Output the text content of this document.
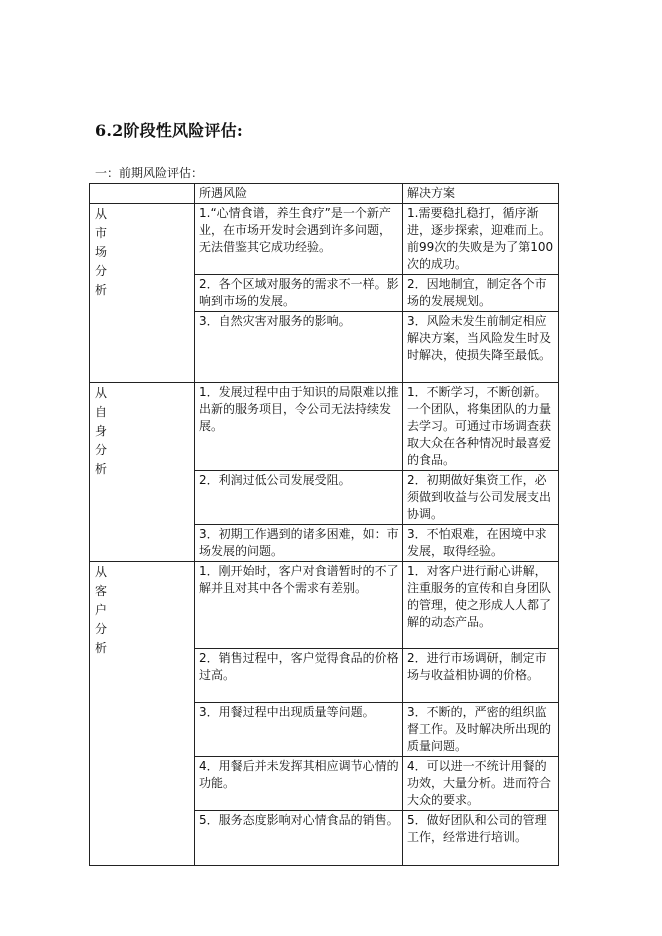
6.2阶段性风险评估:
一：前期风险评估：
	所遇风险	解决方案
从市场分析	1.“心情食谱，养生食疗”是一个新产业，在市场开发时会遇到许多问题，无法借鉴其它成功经验。	1.需要稳扎稳打，循序渐进，逐步探索，迎难而上。前99次的失败是为了第100次的成功。
	2．各个区域对服务的需求不一样。影响到市场的发展。	2．因地制宜，制定各个市场的发展规划。
	3．自然灾害对服务的影响。	3．风险未发生前制定相应解决方案，当风险发生时及时解决，使损失降至最低。
从自身分析	1．发展过程中由于知识的局限难以推出新的服务项目，令公司无法持续发展。	1．不断学习，不断创新。一个团队，将集团队的力量去学习。可通过市场调查获取大众在各种情况时最喜爱的食品。
	2．利润过低公司发展受阻。	2．初期做好集资工作，必须做到收益与公司发展支出协调。
	3．初期工作遇到的诸多困难，如：市场发展的问题。	3．不怕艰难，在困境中求发展，取得经验。
从客户分析	1．刚开始时，客户对食谱暂时的不了解并且对其中各个需求有差别。	1．对客户进行耐心讲解，注重服务的宣传和自身团队的管理，使之形成人人都了解的动态产品。
	2．销售过程中，客户觉得食品的价格过高。	2．进行市场调研，制定市场与收益相协调的价格。
	3．用餐过程中出现质量等问题。	3．不断的，严密的组织监督工作。及时解决所出现的质量问题。
	4．用餐后并未发挥其相应调节心情的功能。	4．可以进一不统计用餐的功效，大量分析。进而符合大众的要求。
	5．服务态度影响对心情食品的销售。	5．做好团队和公司的管理工作，经常进行培训。
